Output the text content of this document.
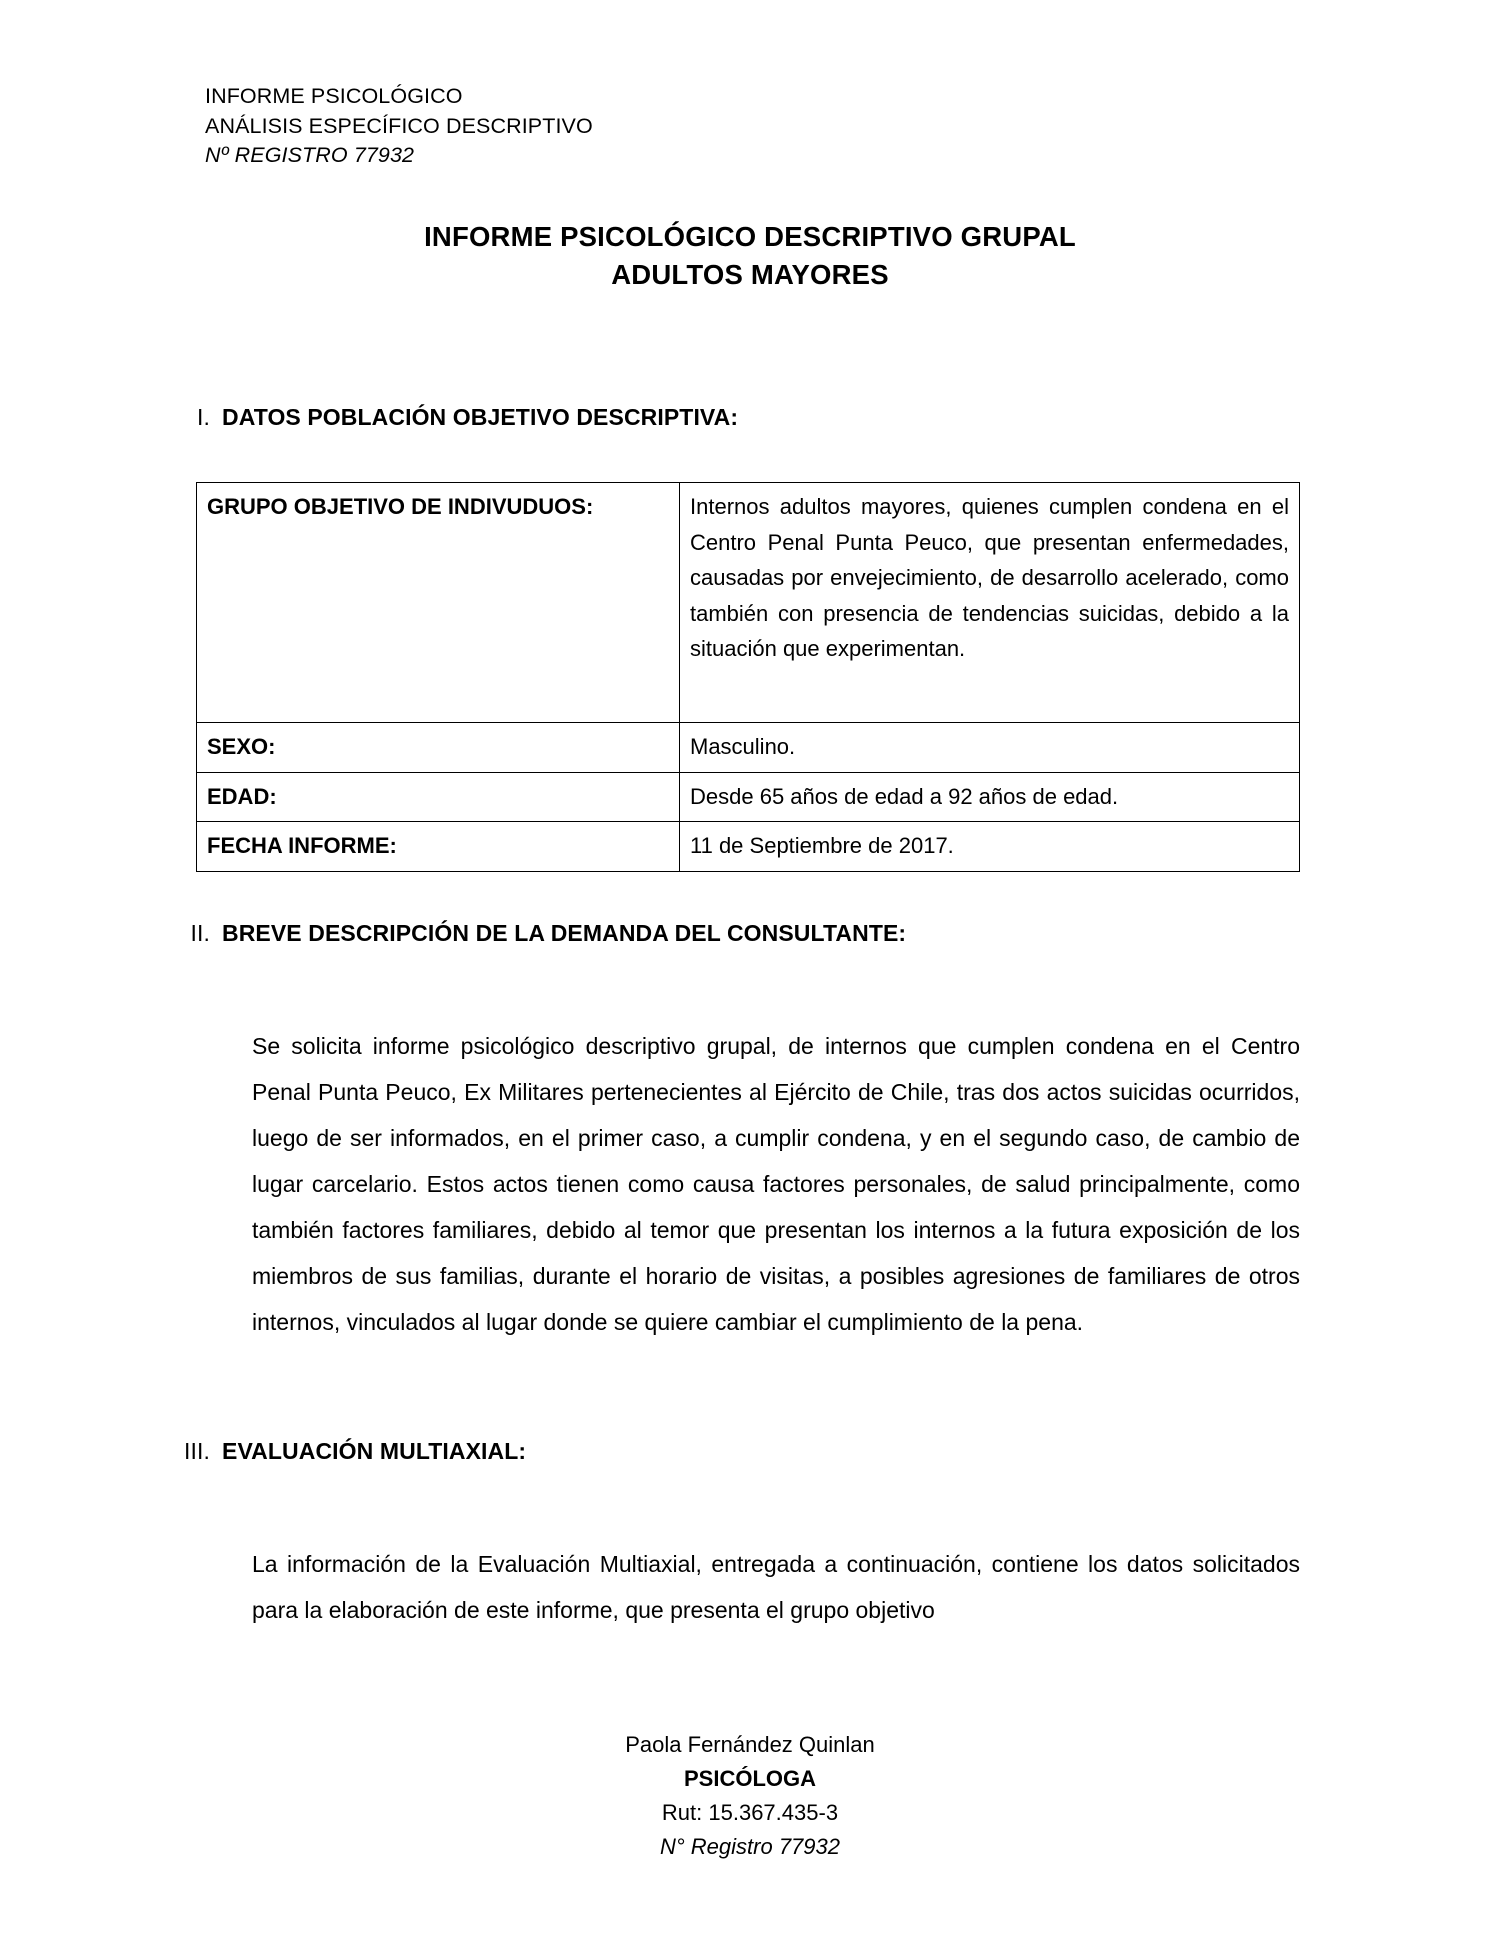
INFORME PSICOLÓGICO
ANÁLISIS ESPECÍFICO DESCRIPTIVO
Nº REGISTRO 77932
INFORME PSICOLÓGICO DESCRIPTIVO GRUPAL
ADULTOS MAYORES
I. DATOS POBLACIÓN OBJETIVO DESCRIPTIVA:
GRUPO OBJETIVO DE INDIVUDUOS:	Internos adultos mayores, quienes cumplen condena en el Centro Penal Punta Peuco, que presentan enfermedades, causadas por envejecimiento, de desarrollo acelerado, como también con presencia de tendencias suicidas, debido a la situación que experimentan.
SEXO:	Masculino.
EDAD:	Desde 65 años de edad a 92 años de edad.
FECHA INFORME:	11 de Septiembre de 2017.
II. BREVE DESCRIPCIÓN DE LA DEMANDA DEL CONSULTANTE:

Se solicita informe psicológico descriptivo grupal, de internos que cumplen condena en el Centro Penal Punta Peuco, Ex Militares pertenecientes al Ejército de Chile, tras dos actos suicidas ocurridos, luego de ser informados, en el primer caso, a cumplir condena, y en el segundo caso, de cambio de lugar carcelario. Estos actos tienen como causa factores personales, de salud principalmente, como también factores familiares, debido al temor que presentan los internos a la futura exposición de los miembros de sus familias, durante el horario de visitas, a posibles agresiones de familiares de otros internos, vinculados al lugar donde se quiere cambiar el cumplimiento de la pena.

III. EVALUACIÓN MULTIAXIAL:

La información de la Evaluación Multiaxial, entregada a continuación, contiene los datos solicitados para la elaboración de este informe, que presenta el grupo objetivo

Paola Fernández Quinlan
PSICÓLOGA
Rut: 15.367.435-3
N° Registro 77932
